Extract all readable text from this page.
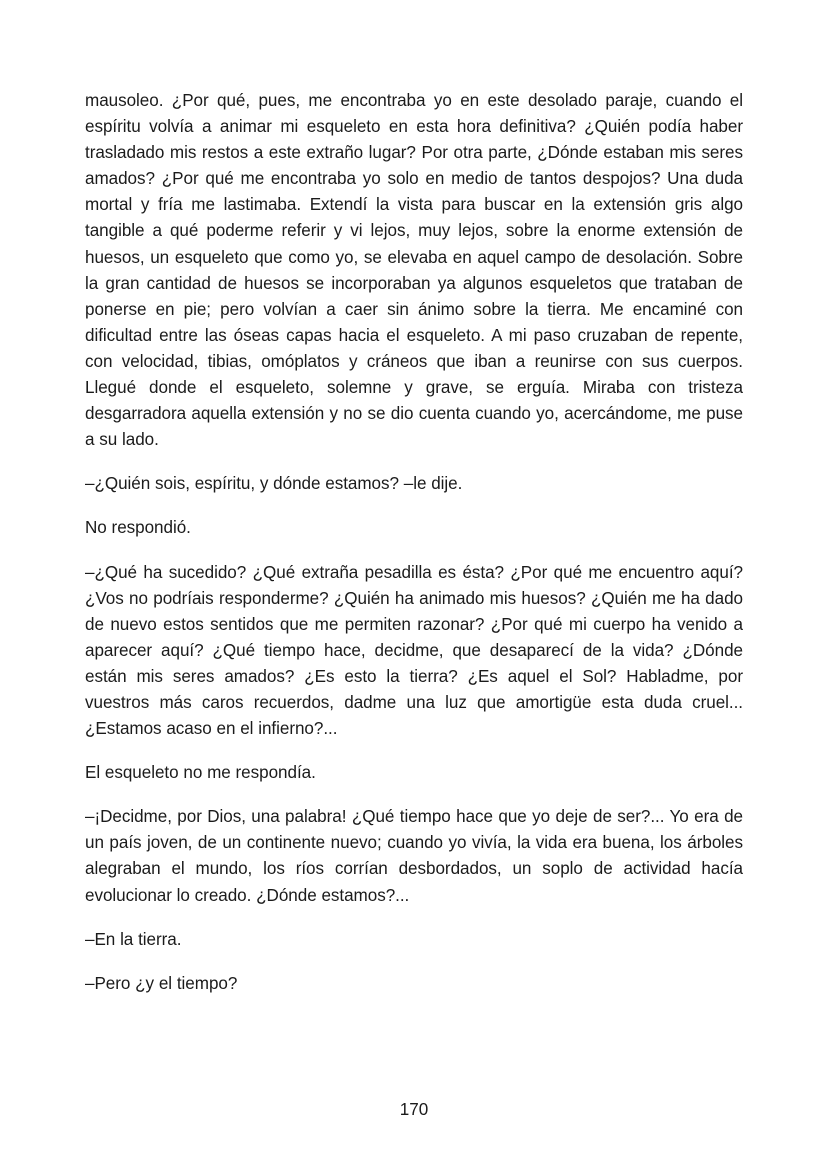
mausoleo. ¿Por qué, pues, me encontraba yo en este desolado paraje, cuando el espíritu volvía a animar mi esqueleto en esta hora definitiva? ¿Quién podía haber trasladado mis restos a este extraño lugar? Por otra parte, ¿Dónde estaban mis seres amados? ¿Por qué me encontraba yo solo en medio de tantos despojos? Una duda mortal y fría me lastimaba. Extendí la vista para buscar en la extensión gris algo tangible a qué poderme referir y vi lejos, muy lejos, sobre la enorme extensión de huesos, un esqueleto que como yo, se elevaba en aquel campo de desolación. Sobre la gran cantidad de huesos se incorporaban ya algunos esqueletos que trataban de ponerse en pie; pero volvían a caer sin ánimo sobre la tierra. Me encaminé con dificultad entre las óseas capas hacia el esqueleto. A mi paso cruzaban de repente, con velocidad, tibias, omóplatos y cráneos que iban a reunirse con sus cuerpos. Llegué donde el esqueleto, solemne y grave, se erguía. Miraba con tristeza desgarradora aquella extensión y no se dio cuenta cuando yo, acercándome, me puse a su lado.

–¿Quién sois, espíritu, y dónde estamos? –le dije.

No respondió.

–¿Qué ha sucedido? ¿Qué extraña pesadilla es ésta? ¿Por qué me encuentro aquí? ¿Vos no podríais responderme? ¿Quién ha animado mis huesos? ¿Quién me ha dado de nuevo estos sentidos que me permiten razonar? ¿Por qué mi cuerpo ha venido a aparecer aquí? ¿Qué tiempo hace, decidme, que desaparecí de la vida? ¿Dónde están mis seres amados? ¿Es esto la tierra? ¿Es aquel el Sol? Habladme, por vuestros más caros recuerdos, dadme una luz que amortigüe esta duda cruel... ¿Estamos acaso en el infierno?...

El esqueleto no me respondía.

–¡Decidme, por Dios, una palabra! ¿Qué tiempo hace que yo deje de ser?... Yo era de un país joven, de un continente nuevo; cuando yo vivía, la vida era buena, los árboles alegraban el mundo, los ríos corrían desbordados, un soplo de actividad hacía evolucionar lo creado. ¿Dónde estamos?...

–En la tierra.

–Pero ¿y el tiempo?

170
